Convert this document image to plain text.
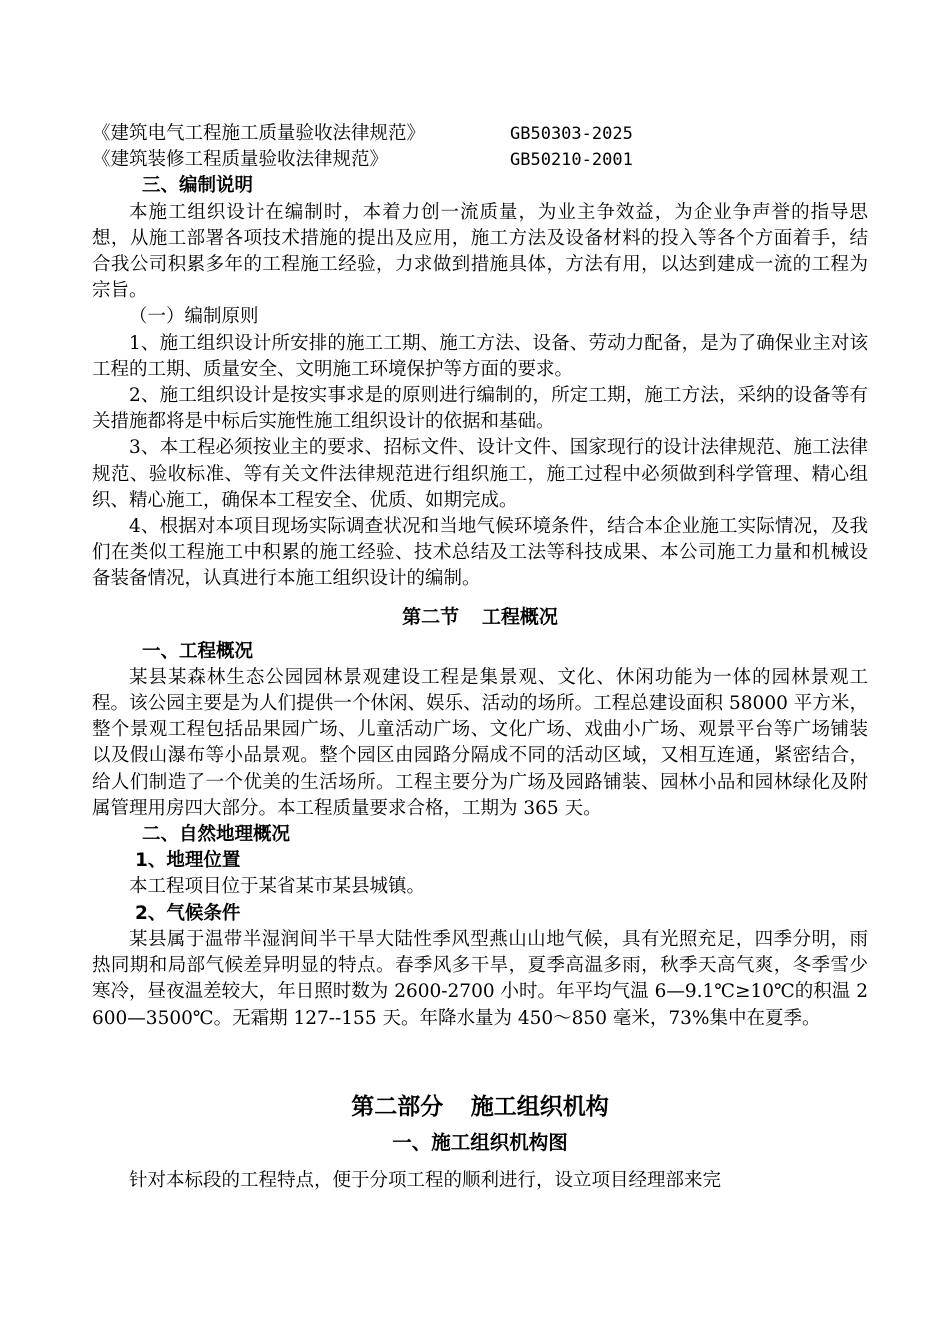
《建筑电气工程施工质量验收法律规范》	GB50303-2025
《建筑装修工程质量验收法律规范》	GB50210-2001

三、编制说明

本施工组织设计在编制时，本着力创一流质量，为业主争效益，为企业争声誉的指导思想，从施工部署各项技术措施的提出及应用，施工方法及设备材料的投入等各个方面着手，结合我公司积累多年的工程施工经验，力求做到措施具体，方法有用，以达到建成一流的工程为宗旨。

（一）编制原则

1、施工组织设计所安排的施工工期、施工方法、设备、劳动力配备，是为了确保业主对该工程的工期、质量安全、文明施工环境保护等方面的要求。

2、施工组织设计是按实事求是的原则进行编制的，所定工期，施工方法，采纳的设备等有关措施都将是中标后实施性施工组织设计的依据和基础。

3、本工程必须按业主的要求、招标文件、设计文件、国家现行的设计法律规范、施工法律规范、验收标准、等有关文件法律规范进行组织施工，施工过程中必须做到科学管理、精心组织、精心施工，确保本工程安全、优质、如期完成。

4、根据对本项目现场实际调查状况和当地气候环境条件，结合本企业施工实际情况，及我们在类似工程施工中积累的施工经验、技术总结及工法等科技成果、本公司施工力量和机械设备装备情况，认真进行本施工组织设计的编制。

第二节 工程概况

一、工程概况

某县某森林生态公园园林景观建设工程是集景观、文化、休闲功能为一体的园林景观工程。该公园主要是为人们提供一个休闲、娱乐、活动的场所。工程总建设面积 58000 平方米，整个景观工程包括品果园广场、儿童活动广场、文化广场、戏曲小广场、观景平台等广场铺装以及假山瀑布等小品景观。整个园区由园路分隔成不同的活动区域，又相互连通，紧密结合，给人们制造了一个优美的生活场所。工程主要分为广场及园路铺装、园林小品和园林绿化及附属管理用房四大部分。本工程质量要求合格，工期为 365 天。

二、自然地理概况

1、地理位置

本工程项目位于某省某市某县城镇。

2、气候条件

某县属于温带半湿润间半干旱大陆性季风型燕山山地气候，具有光照充足，四季分明，雨热同期和局部气候差异明显的特点。春季风多干旱，夏季高温多雨，秋季天高气爽，冬季雪少寒冷，昼夜温差较大，年日照时数为 2600-2700 小时。年平均气温 6—9.1℃≥10℃的积温 2600—3500℃。无霜期 127--155 天。年降水量为 450～850 毫米，73%集中在夏季。

第二部分 施工组织机构

一、施工组织机构图

针对本标段的工程特点，便于分项工程的顺利进行，设立项目经理部来完
